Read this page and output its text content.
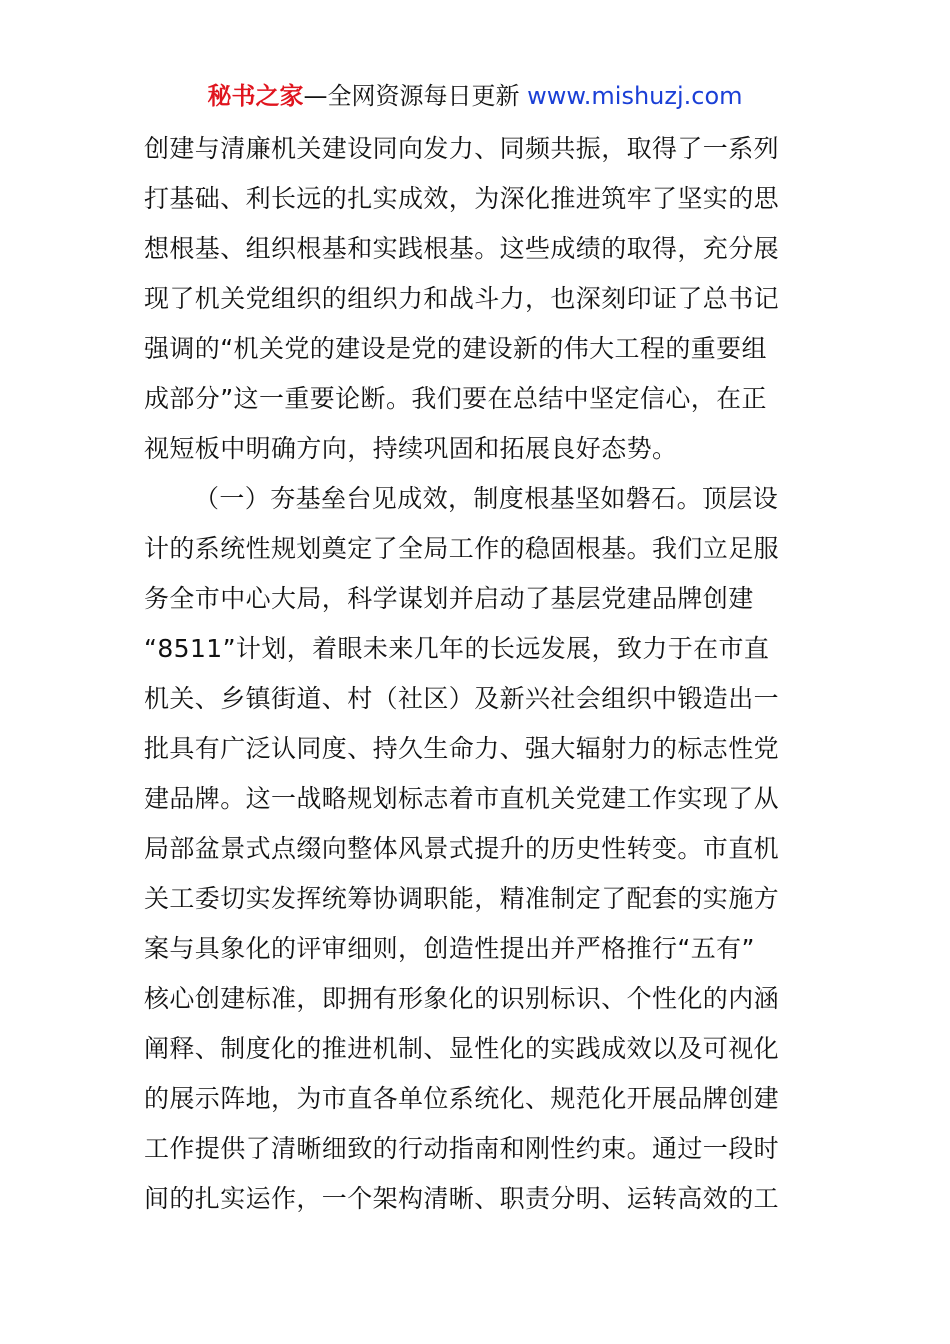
秘书之家—全网资源每日更新 www.mishuzj.com
创建与清廉机关建设同向发力、同频共振，取得了一系列
打基础、利长远的扎实成效，为深化推进筑牢了坚实的思
想根基、组织根基和实践根基。这些成绩的取得，充分展
现了机关党组织的组织力和战斗力，也深刻印证了总书记
强调的“机关党的建设是党的建设新的伟大工程的重要组
成部分”这一重要论断。我们要在总结中坚定信心，在正
视短板中明确方向，持续巩固和拓展良好态势。
（一）夯基垒台见成效，制度根基坚如磐石。顶层设
计的系统性规划奠定了全局工作的稳固根基。我们立足服
务全市中心大局，科学谋划并启动了基层党建品牌创建
“8511”计划，着眼未来几年的长远发展，致力于在市直
机关、乡镇街道、村（社区）及新兴社会组织中锻造出一
批具有广泛认同度、持久生命力、强大辐射力的标志性党
建品牌。这一战略规划标志着市直机关党建工作实现了从
局部盆景式点缀向整体风景式提升的历史性转变。市直机
关工委切实发挥统筹协调职能，精准制定了配套的实施方
案与具象化的评审细则，创造性提出并严格推行“五有”
核心创建标准，即拥有形象化的识别标识、个性化的内涵
阐释、制度化的推进机制、显性化的实践成效以及可视化
的展示阵地，为市直各单位系统化、规范化开展品牌创建
工作提供了清晰细致的行动指南和刚性约束。通过一段时
间的扎实运作，一个架构清晰、职责分明、运转高效的工
